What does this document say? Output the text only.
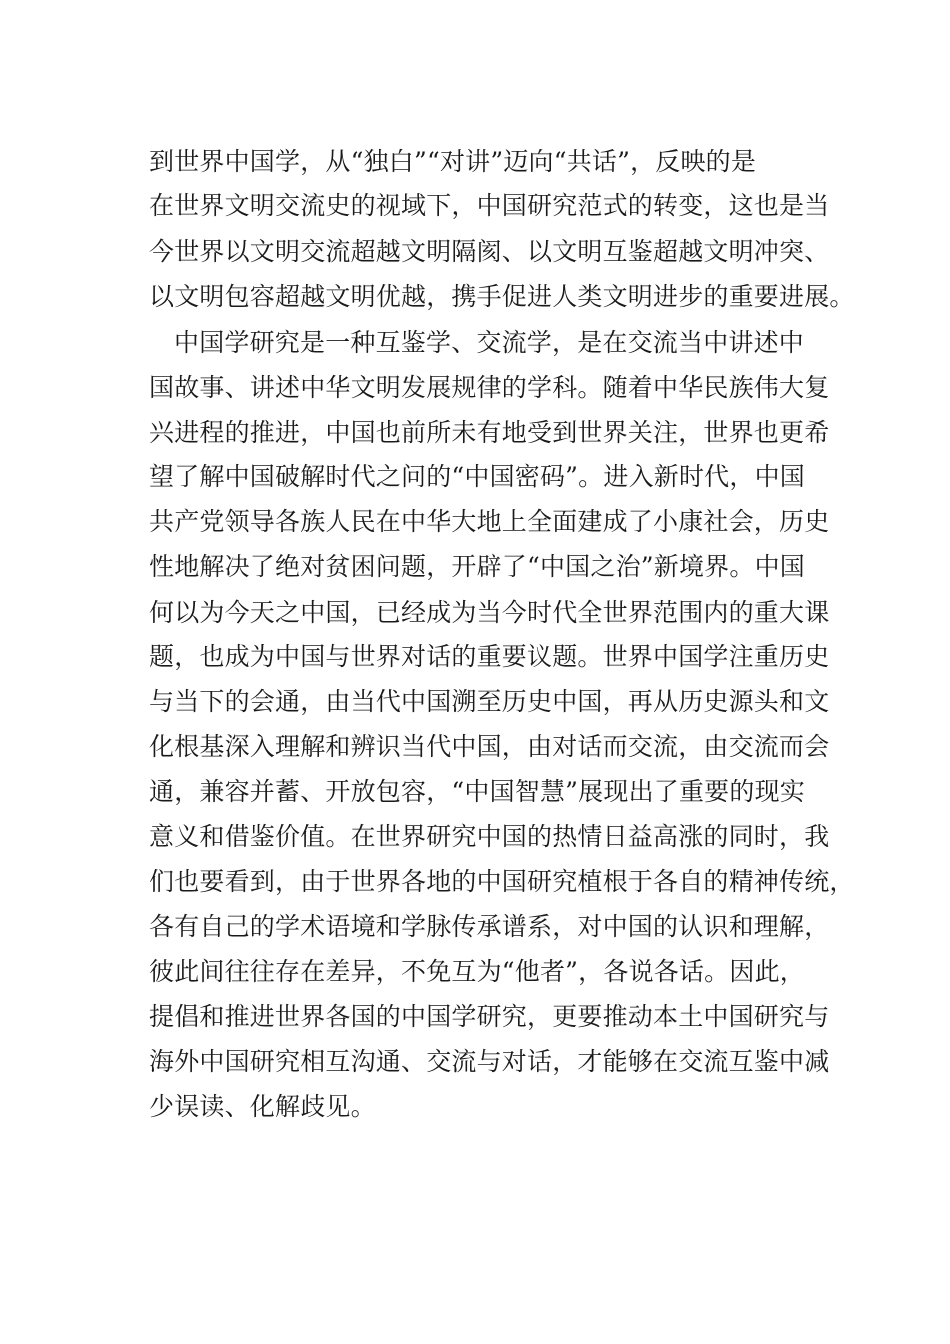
到世界中国学，从“独白”“对讲”迈向“共话”，反映的是
在世界文明交流史的视域下，中国研究范式的转变，这也是当
今世界以文明交流超越文明隔阂、以文明互鉴超越文明冲突、
以文明包容超越文明优越，携手促进人类文明进步的重要进展。
中国学研究是一种互鉴学、交流学，是在交流当中讲述中
国故事、讲述中华文明发展规律的学科。随着中华民族伟大复
兴进程的推进，中国也前所未有地受到世界关注，世界也更希
望了解中国破解时代之问的“中国密码”。进入新时代，中国
共产党领导各族人民在中华大地上全面建成了小康社会，历史
性地解决了绝对贫困问题，开辟了“中国之治”新境界。中国
何以为今天之中国，已经成为当今时代全世界范围内的重大课
题，也成为中国与世界对话的重要议题。世界中国学注重历史
与当下的会通，由当代中国溯至历史中国，再从历史源头和文
化根基深入理解和辨识当代中国，由对话而交流，由交流而会
通，兼容并蓄、开放包容，“中国智慧”展现出了重要的现实
意义和借鉴价值。在世界研究中国的热情日益高涨的同时，我
们也要看到，由于世界各地的中国研究植根于各自的精神传统，
各有自己的学术语境和学脉传承谱系，对中国的认识和理解，
彼此间往往存在差异，不免互为“他者”，各说各话。因此，
提倡和推进世界各国的中国学研究，更要推动本土中国研究与
海外中国研究相互沟通、交流与对话，才能够在交流互鉴中减
少误读、化解歧见。
